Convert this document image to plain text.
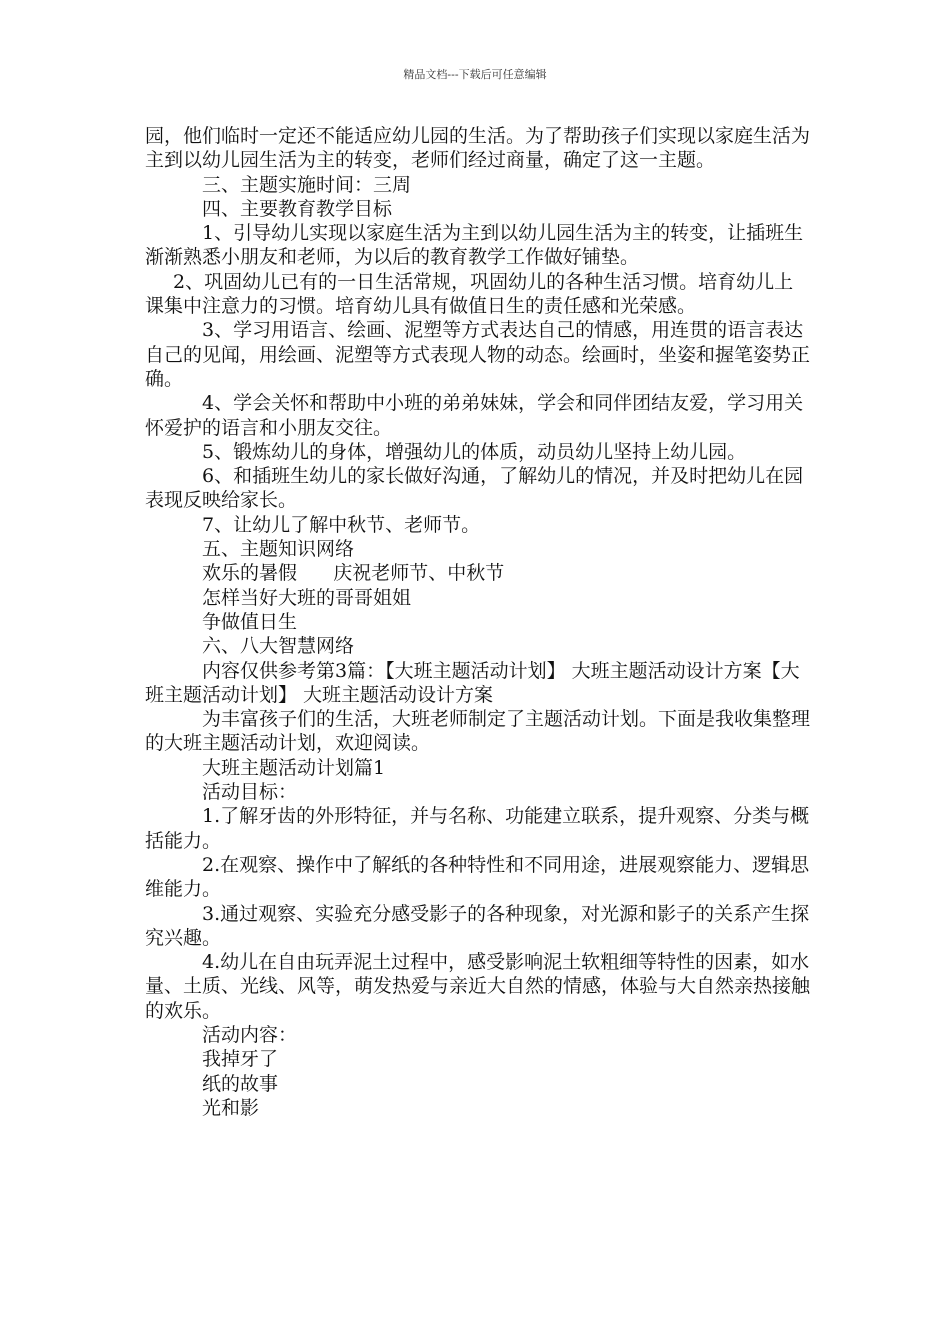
精品文档---下载后可任意编辑

园，他们临时一定还不能适应幼儿园的生活。为了帮助孩子们实现以家庭生活为主到以幼儿园生活为主的转变，老师们经过商量，确定了这一主题。

三、主题实施时间：三周

四、主要教育教学目标

1、引导幼儿实现以家庭生活为主到以幼儿园生活为主的转变，让插班生渐渐熟悉小朋友和老师，为以后的教育教学工作做好铺垫。

2、巩固幼儿已有的一日生活常规，巩固幼儿的各种生活习惯。培育幼儿上课集中注意力的习惯。培育幼儿具有做值日生的责任感和光荣感。

3、学习用语言、绘画、泥塑等方式表达自己的情感，用连贯的语言表达自己的见闻，用绘画、泥塑等方式表现人物的动态。绘画时，坐姿和握笔姿势正确。

4、学会关怀和帮助中小班的弟弟妹妹，学会和同伴团结友爱，学习用关怀爱护的语言和小朋友交往。

5、锻炼幼儿的身体，增强幼儿的体质，动员幼儿坚持上幼儿园。

6、和插班生幼儿的家长做好沟通，了解幼儿的情况，并及时把幼儿在园表现反映给家长。

7、让幼儿了解中秋节、老师节。

五、主题知识网络

欢乐的暑假      庆祝老师节、中秋节

怎样当好大班的哥哥姐姐

争做值日生

六、八大智慧网络

内容仅供参考第3篇：【大班主题活动计划】 大班主题活动设计方案【大班主题活动计划】 大班主题活动设计方案

为丰富孩子们的生活，大班老师制定了主题活动计划。下面是我收集整理的大班主题活动计划，欢迎阅读。

大班主题活动计划篇1

活动目标：

1.了解牙齿的外形特征，并与名称、功能建立联系，提升观察、分类与概括能力。

2.在观察、操作中了解纸的各种特性和不同用途，进展观察能力、逻辑思维能力。

3.通过观察、实验充分感受影子的各种现象，对光源和影子的关系产生探究兴趣。

4.幼儿在自由玩弄泥土过程中，感受影响泥土软粗细等特性的因素，如水量、土质、光线、风等，萌发热爱与亲近大自然的情感，体验与大自然亲热接触的欢乐。

活动内容：

我掉牙了

纸的故事

光和影
